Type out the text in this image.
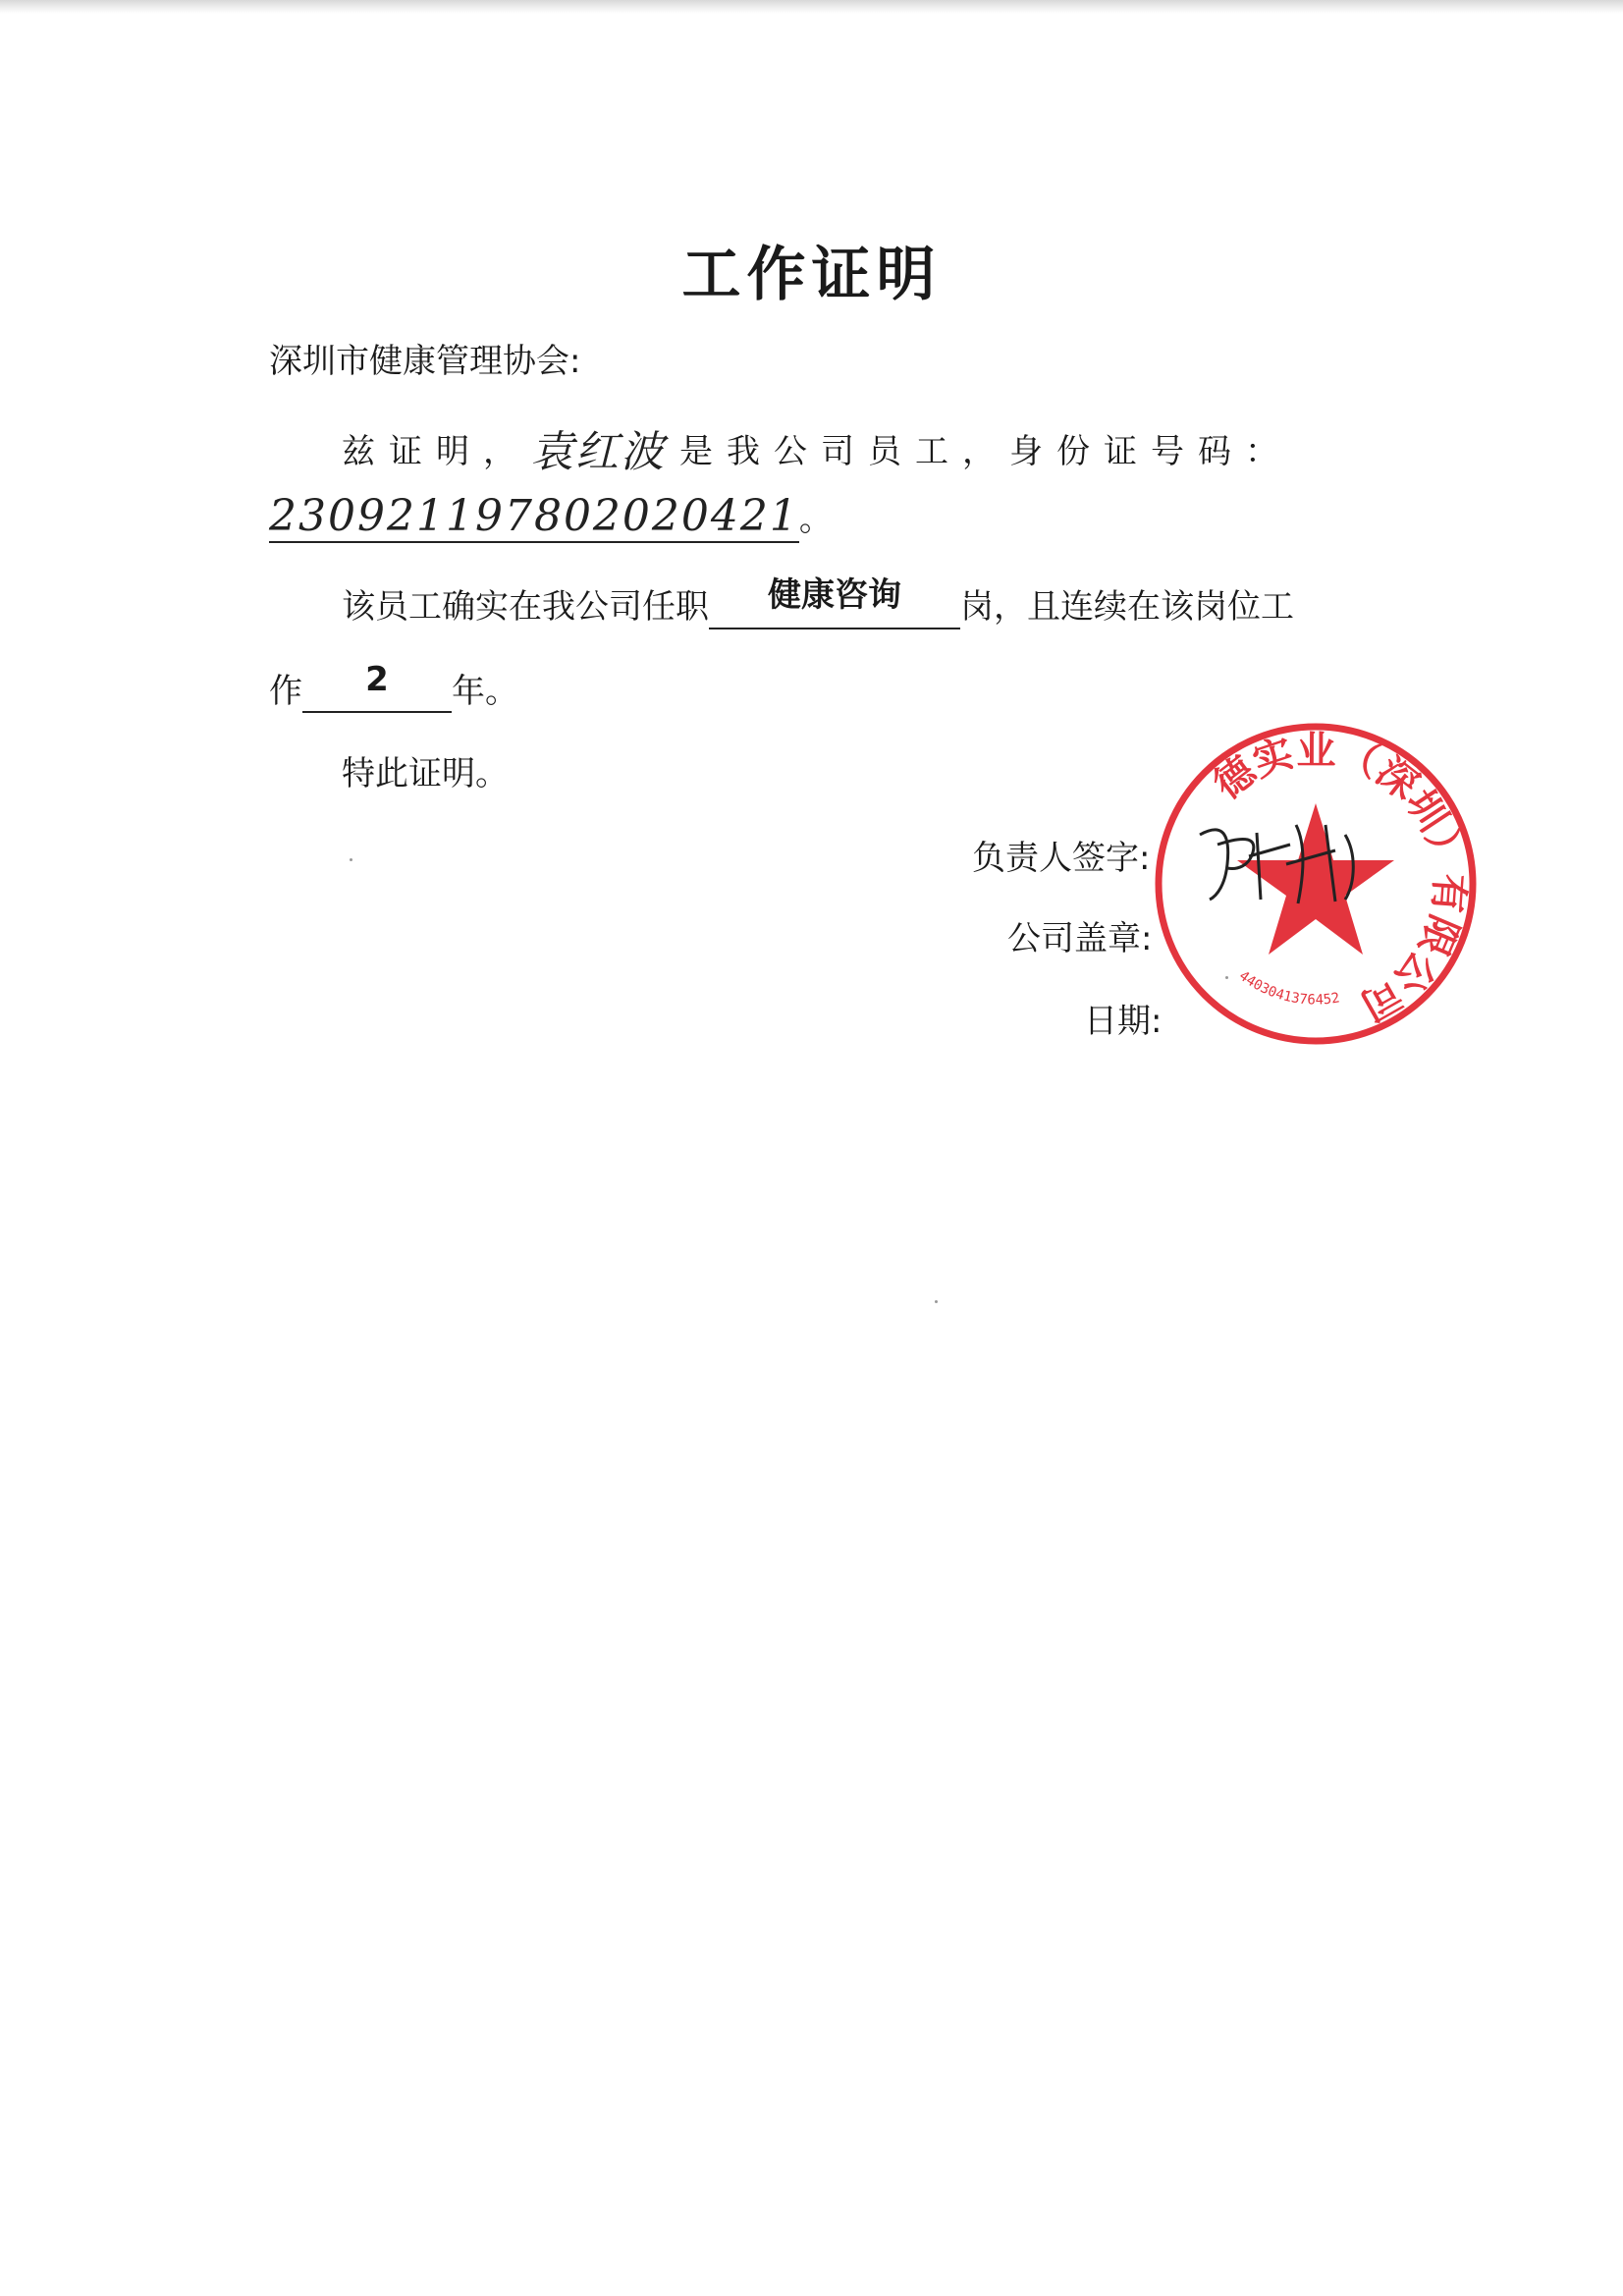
工作证明
深圳市健康管理协会:
兹证明，袁红波 是我公司员工，身份证号码：
230921197802020421。
该员工确实在我公司任职 健康咨询 岗，且连续在该岗位工
作 2 年。
特此证明。
负责人签字:
公司盖章:
日期:
德实业（深圳）有限公司
4403041376452
